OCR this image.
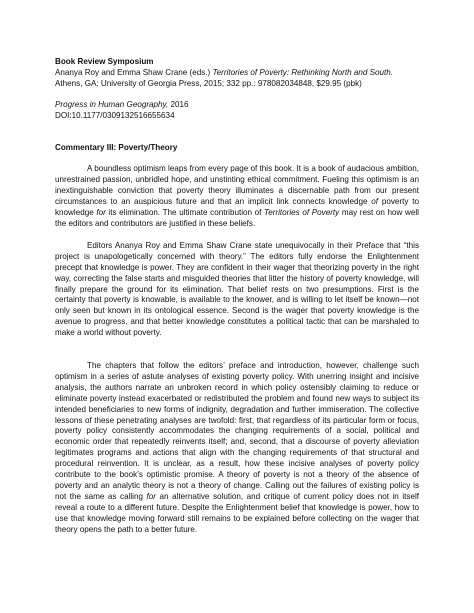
Book Review Symposium
Ananya Roy and Emma Shaw Crane (eds.) Territories of Poverty: Rethinking North and South.
Athens, GA: University of Georgia Press, 2015; 332 pp.: 978082034848, $29.95 (pbk)
Progress in Human Geography, 2016
DOI:10.1177/0309132516655634
Commentary III: Poverty/Theory

A boundless optimism leaps from every page of this book. It is a book of audacious ambition, unrestrained passion, unbridled hope, and unstinting ethical commitment. Fueling this optimism is an inextinguishable conviction that poverty theory illuminates a discernable path from our present circumstances to an auspicious future and that an implicit link connects knowledge of poverty to knowledge for its elimination. The ultimate contribution of Territories of Poverty may rest on how well the editors and contributors are justified in these beliefs.

Editors Ananya Roy and Emma Shaw Crane state unequivocally in their Preface that “this project is unapologetically concerned with theory.” The editors fully endorse the Enlightenment precept that knowledge is power. They are confident in their wager that theorizing poverty in the right way, correcting the false starts and misguided theories that litter the history of poverty knowledge, will finally prepare the ground for its elimination. That belief rests on two presumptions. First is the certainty that poverty is knowable, is available to the knower, and is willing to let itself be known—not only seen but known in its ontological essence. Second is the wager that poverty knowledge is the avenue to progress, and that better knowledge constitutes a political tactic that can be marshaled to make a world without poverty.

The chapters that follow the editors’ preface and introduction, however, challenge such optimism in a series of astute analyses of existing poverty policy. With unerring insight and incisive analysis, the authors narrate an unbroken record in which policy ostensibly claiming to reduce or eliminate poverty instead exacerbated or redistributed the problem and found new ways to subject its intended beneficiaries to new forms of indignity, degradation and further immiseration. The collective lessons of these penetrating analyses are twofold: first, that regardless of its particular form or focus, poverty policy consistently accommodates the changing requirements of a social, political and economic order that repeatedly reinvents itself; and, second, that a discourse of poverty alleviation legitimates programs and actions that align with the changing requirements of that structural and procedural reinvention. It is unclear, as a result, how these incisive analyses of poverty policy contribute to the book’s optimistic promise. A theory of poverty is not a theory of the absence of poverty and an analytic theory is not a theory of change. Calling out the failures of existing policy is not the same as calling for an alternative solution, and critique of current policy does not in itself reveal a route to a different future. Despite the Enlightenment belief that knowledge is power, how to use that knowledge moving forward still remains to be explained before collecting on the wager that theory opens the path to a better future.
